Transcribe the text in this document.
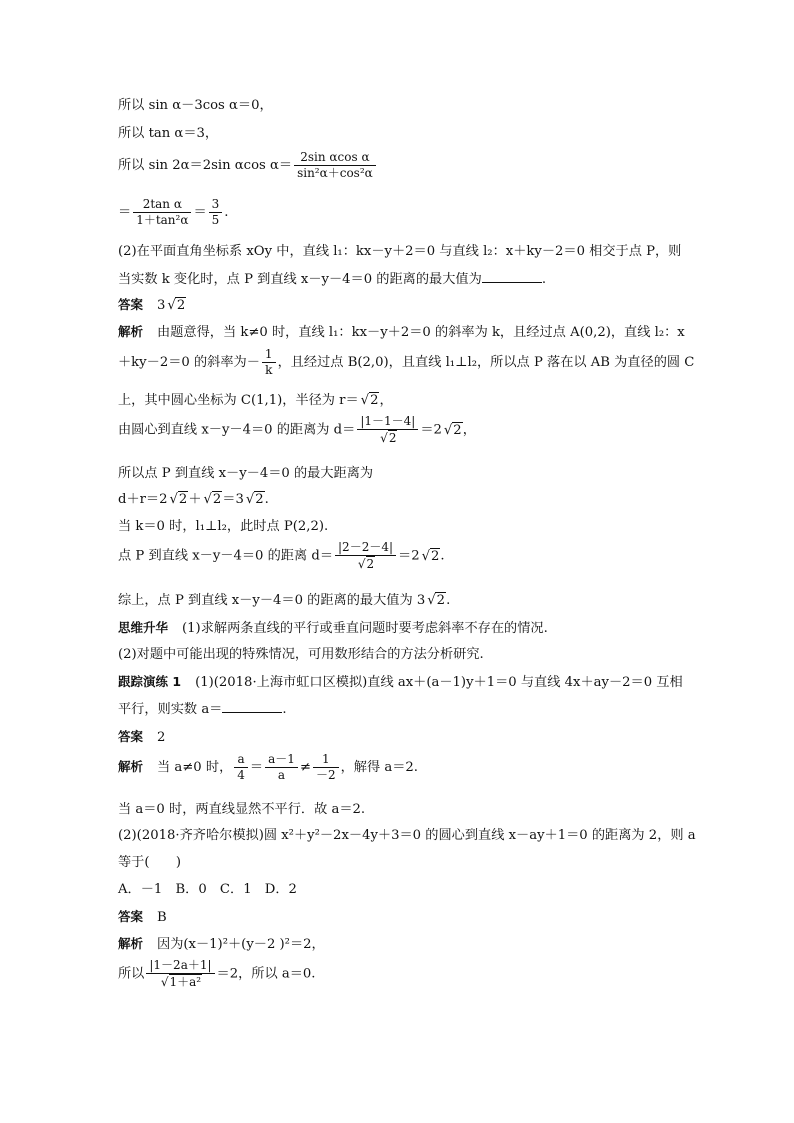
所以 sin α－3cos α＝0，
所以 tan α＝3，
所以 sin 2α＝2sin αcos $\alpha= \frac{\text{2sin αcos α}}{\text{sin²α＋cos²α}}$
＝ $\frac{\text{2tan α}}{\text{1＋tan²α}} = \frac{3}{5}$ .
(2)在平面直角坐标系 xOy 中，直线 l₁：kx－y＋2＝0 与直线 l₂：x＋ky－2＝0 相交于点 P，则
当实数 k 变化时，点 P 到直线 x－y－4＝0 的距离的最大值为	.
答案 3 √ 2
解析 由题意得，当 k≠0 时，直线 l₁：kx－y＋2＝0 的斜率为 k，且经过点 A(0,2)，直线 l₂：x
＋ky－2＝0 的斜率为－ $\frac{1}{k}$ ，且经过点 B(2,0)，且直线 l₁⊥l₂，所以点 P 落在以 AB 为直径的圆 C
上，其中圆心坐标为 C(1,1)，半径为 r＝ √ 2，
由圆心到直线 x－y－4＝0 的距离为 d＝ |1－1－4|
√ 2 ＝2 √ 2，
所以点 P 到直线 x－y－4＝0 的最大距离为
d＋r＝2 √ 2＋ √ 2＝3 √ 2.
当 k＝0 时，l₁⊥l₂，此时点 P(2,2).
点 P 到直线 x－y－4＝0 的距离 d＝ |2－2－4|
√ 2 ＝2 √ 2.
综上，点 P 到直线 x－y－4＝0 的距离的最大值为 3 √ 2.
思维升华 (1)求解两条直线的平行或垂直问题时要考虑斜率不存在的情况.
(2)对题中可能出现的特殊情况，可用数形结合的方法分析研究.
跟踪演练 1 (1)(2018·上海市虹口区模拟)直线 ax＋(a－1)y＋1＝0 与直线 4x＋ay－2＝0 互相
平行，则实数 a＝	.
答案 2
解析 当 a≠0 时， $\frac{a}{4} = \frac{a-1}{a} \ne \frac{1}{-2}$ ，解得 a＝2.
当 a＝0 时，两直线显然不平行．故 a＝2.
(2)(2018·齐齐哈尔模拟)圆 x²＋y²－2x－4y＋3＝0 的圆心到直线 x－ay＋1＝0 的距离为 2，则 a
等于(　　)
A．－1　B．0　C．1　D．2
答案 B
解析 因为(x－1)²＋(y－2 )²＝2，
所以 |1－2a＋1|
√ 1＋a² ＝2，所以 a＝0.
